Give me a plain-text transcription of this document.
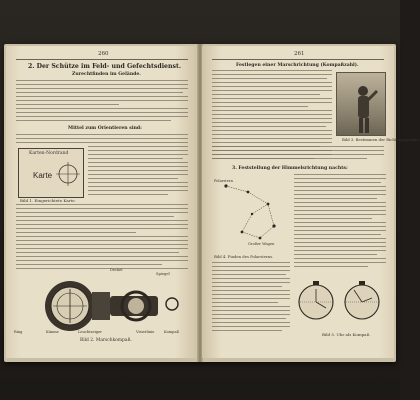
260
2. Der Schütze im Feld- und Gefechtsdienst.
Zurechtfinden im Gelände.
Mittel zum Orientieren sind:
Karten-Nordrand
Karte
Bild 1. Eingerichtete Karte.
Ring	Kimme
Deckel
Spiegel
Visierlinie
Leuchtzeiger	Kompaß
Bild 2. Marschkompaß.
261
Festlegen einer Marschrichtung (Kompaßzahl).
Bild 3. Bestimmen der Richtungspunkte.
3. Feststellung der Himmelsrichtung nachts:
Polarstern
Großer Wagen
Bild 4. Finden des Polarsterns.
Bild 5. Uhr als Kompaß.
